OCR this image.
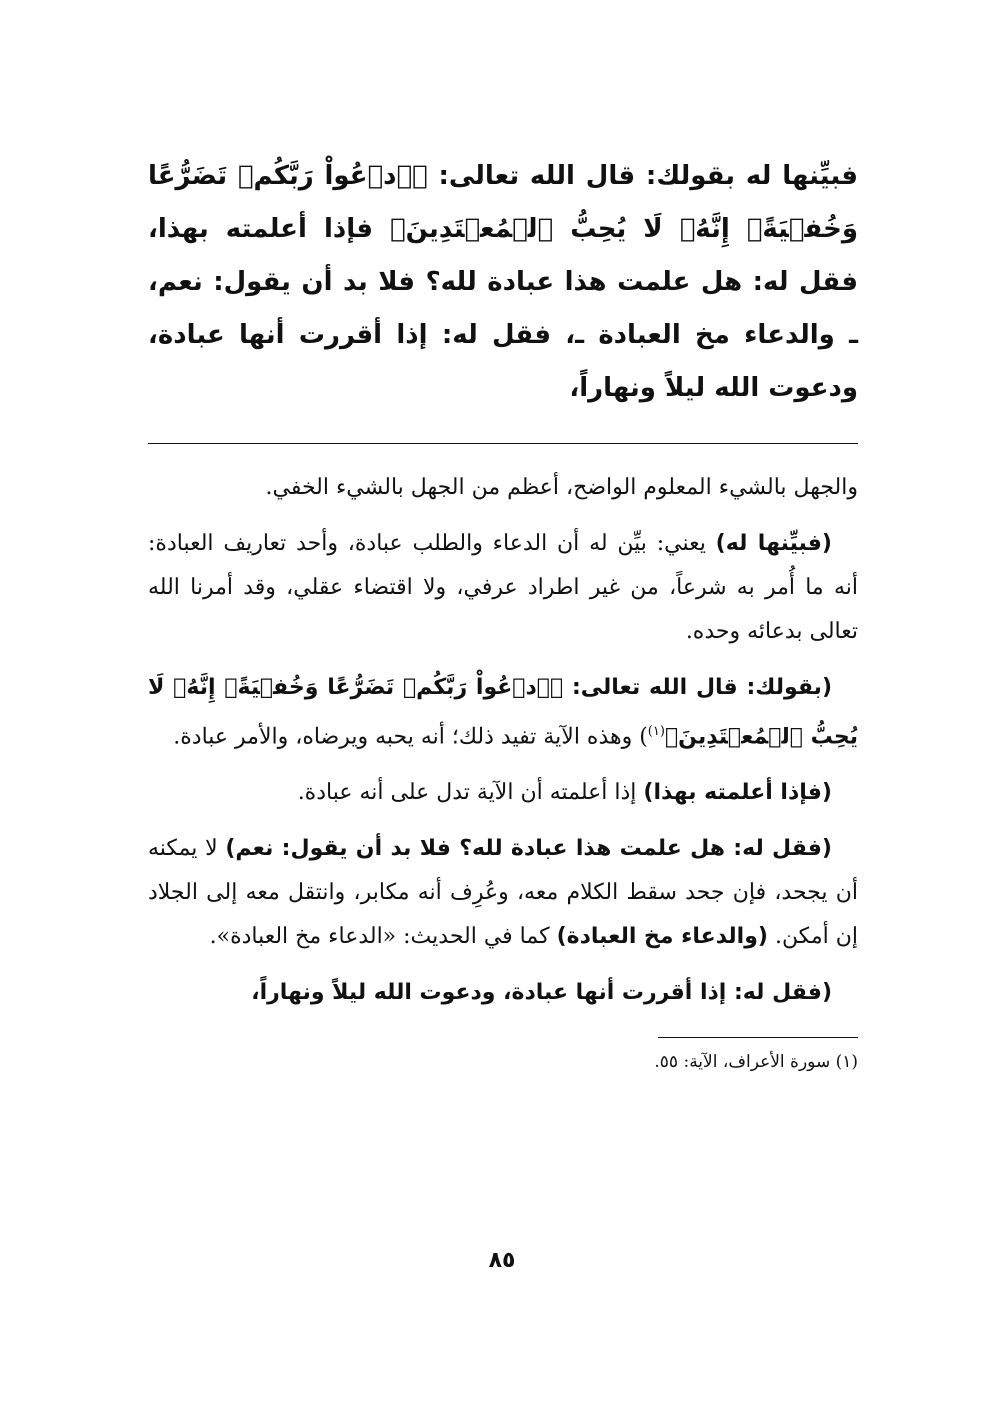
فبيِّنها له بقولك: قال الله تعالى: ﴿ٱدۡعُواْ رَبَّكُمۡ تَضَرُّعًا وَخُفۡيَةًۚ إِنَّهُۥ لَا يُحِبُّ ٱلۡمُعۡتَدِينَ﴾ فإذا أعلمته بهذا، فقل له: هل علمت هذا عبادة لله؟ فلا بد أن يقول: نعم، ـ والدعاء مخ العبادة ـ، فقل له: إذا أقررت أنها عبادة، ودعوت الله ليلاً ونهاراً،

والجهل بالشيء المعلوم الواضح، أعظم من الجهل بالشيء الخفي.

(فبيِّنها له) يعني: بيِّن له أن الدعاء والطلب عبادة، وأحد تعاريف العبادة: أنه ما أُمر به شرعاً، من غير اطراد عرفي، ولا اقتضاء عقلي، وقد أمرنا الله تعالى بدعائه وحده.

(بقولك: قال الله تعالى: ﴿ٱدۡعُواْ رَبَّكُمۡ تَضَرُّعًا وَخُفۡيَةًۚ إِنَّهُۥ لَا يُحِبُّ ٱلۡمُعۡتَدِينَ﴾$^{(١)}$) وهذه الآية تفيد ذلك؛ أنه يحبه ويرضاه، والأمر عبادة.

(فإذا أعلمته بهذا) إذا أعلمته أن الآية تدل على أنه عبادة.

(فقل له: هل علمت هذا عبادة لله؟ فلا بد أن يقول: نعم) لا يمكنه أن يجحد، فإن جحد سقط الكلام معه، وعُرِف أنه مكابر، وانتقل معه إلى الجلاد إن أمكن. (والدعاء مخ العبادة) كما في الحديث: «الدعاء مخ العبادة».

(فقل له: إذا أقررت أنها عبادة، ودعوت الله ليلاً ونهاراً،

(١) سورة الأعراف، الآية: ٥٥.

٨٥
